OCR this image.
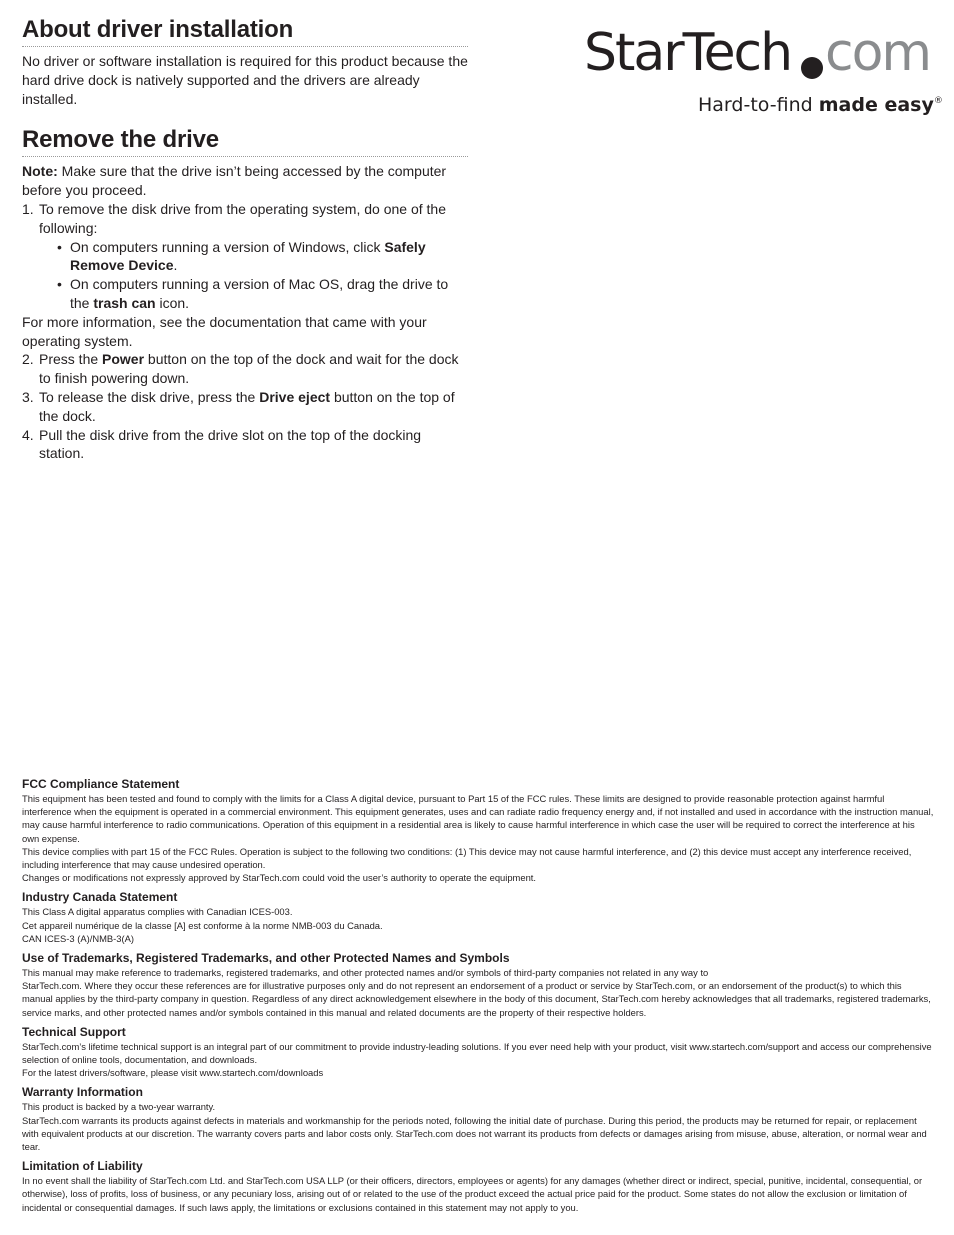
About driver installation

No driver or software installation is required for this product because the hard drive dock is natively supported and the drivers are already installed.

Remove the drive

Note: Make sure that the drive isn’t being accessed by the computer before you proceed.

1. To remove the disk drive from the operating system, do one of the following:
• On computers running a version of Windows, click Safely Remove Device.
• On computers running a version of Mac OS, drag the drive to the trash can icon.

For more information, see the documentation that came with your operating system.

2. Press the Power button on the top of the dock and wait for the dock to finish powering down.
3. To release the disk drive, press the Drive eject button on the top of the dock.
4. Pull the disk drive from the drive slot on the top of the docking station.
StarTech com
Hard-to-find made easy®
FCC Compliance Statement

This equipment has been tested and found to comply with the limits for a Class A digital device, pursuant to Part 15 of the FCC rules. These limits are designed to provide reasonable protection against harmful interference when the equipment is operated in a commercial environment. This equipment generates, uses and can radiate radio frequency energy and, if not installed and used in accordance with the instruction manual, may cause harmful interference to radio communications. Operation of this equipment in a residential area is likely to cause harmful interference in which case the user will be required to correct the interference at his own expense.

This device complies with part 15 of the FCC Rules. Operation is subject to the following two conditions: (1) This device may not cause harmful interference, and (2) this device must accept any interference received, including interference that may cause undesired operation.

Changes or modifications not expressly approved by StarTech.com could void the user’s authority to operate the equipment.

Industry Canada Statement

This Class A digital apparatus complies with Canadian ICES-003.

Cet appareil numérique de la classe [A] est conforme à la norme NMB-003 du Canada.

CAN ICES-3 (A)/NMB-3(A)

Use of Trademarks, Registered Trademarks, and other Protected Names and Symbols

This manual may make reference to trademarks, registered trademarks, and other protected names and/or symbols of third-party companies not related in any way to

StarTech.com. Where they occur these references are for illustrative purposes only and do not represent an endorsement of a product or service by StarTech.com, or an endorsement of the product(s) to which this manual applies by the third-party company in question. Regardless of any direct acknowledgement elsewhere in the body of this document, StarTech.com hereby acknowledges that all trademarks, registered trademarks, service marks, and other protected names and/or symbols contained in this manual and related documents are the property of their respective holders.

Technical Support

StarTech.com’s lifetime technical support is an integral part of our commitment to provide industry-leading solutions. If you ever need help with your product, visit www.startech.com/support and access our comprehensive selection of online tools, documentation, and downloads.

For the latest drivers/software, please visit www.startech.com/downloads

Warranty Information

This product is backed by a two-year warranty.

StarTech.com warrants its products against defects in materials and workmanship for the periods noted, following the initial date of purchase. During this period, the products may be returned for repair, or replacement with equivalent products at our discretion. The warranty covers parts and labor costs only. StarTech.com does not warrant its products from defects or damages arising from misuse, abuse, alteration, or normal wear and tear.

Limitation of Liability

In no event shall the liability of StarTech.com Ltd. and StarTech.com USA LLP (or their officers, directors, employees or agents) for any damages (whether direct or indirect, special, punitive, incidental, consequential, or otherwise), loss of profits, loss of business, or any pecuniary loss, arising out of or related to the use of the product exceed the actual price paid for the product. Some states do not allow the exclusion or limitation of incidental or consequential damages. If such laws apply, the limitations or exclusions contained in this statement may not apply to you.
